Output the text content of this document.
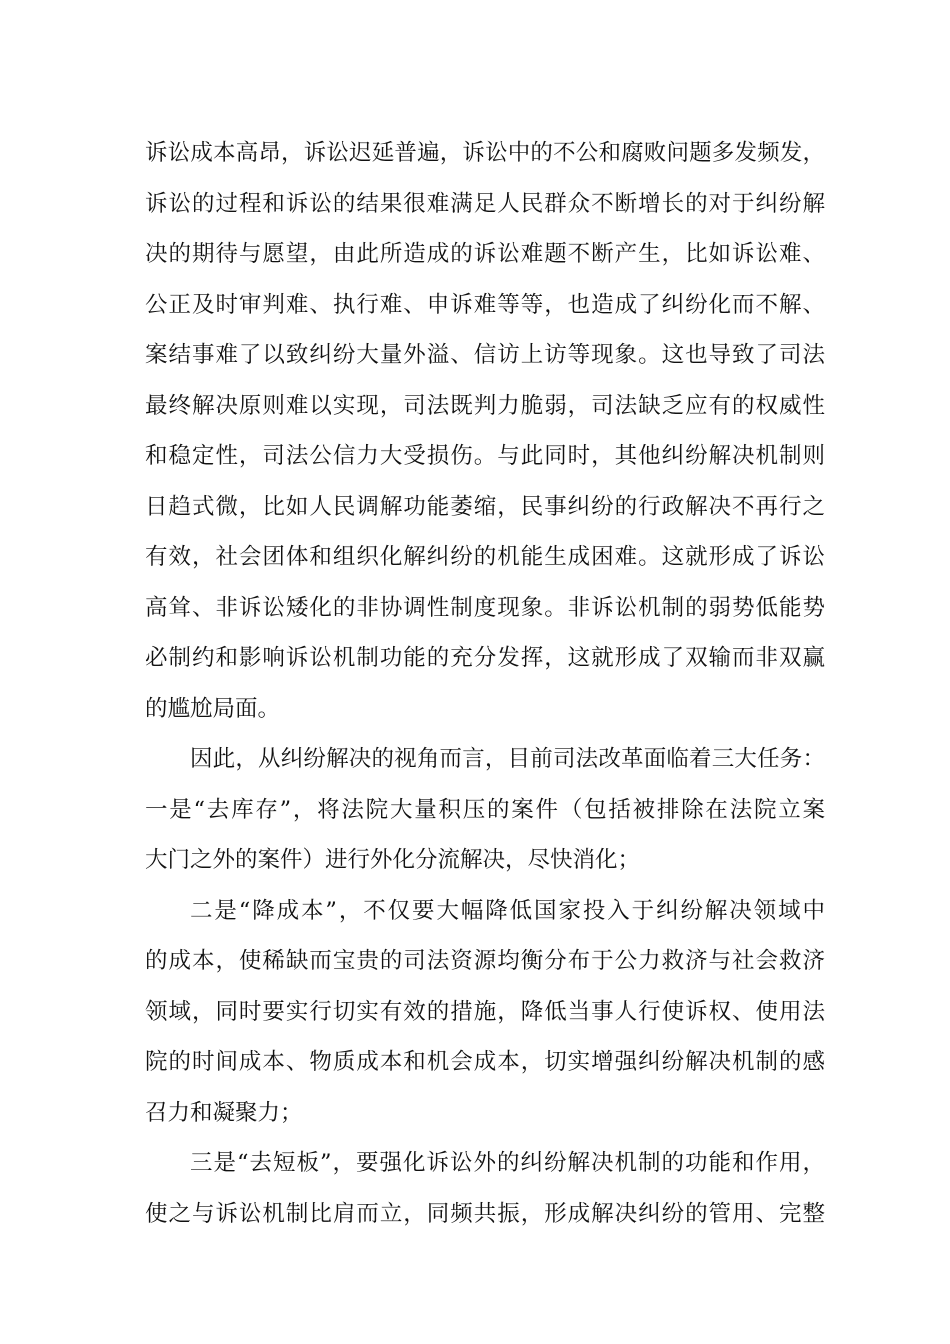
诉讼成本高昂，诉讼迟延普遍，诉讼中的不公和腐败问题多发频发，
诉讼的过程和诉讼的结果很难满足人民群众不断增长的对于纠纷解
决的期待与愿望，由此所造成的诉讼难题不断产生，比如诉讼难、
公正及时审判难、执行难、申诉难等等，也造成了纠纷化而不解、
案结事难了以致纠纷大量外溢、信访上访等现象。这也导致了司法
最终解决原则难以实现，司法既判力脆弱，司法缺乏应有的权威性
和稳定性，司法公信力大受损伤。与此同时，其他纠纷解决机制则
日趋式微，比如人民调解功能萎缩，民事纠纷的行政解决不再行之
有效，社会团体和组织化解纠纷的机能生成困难。这就形成了诉讼
高耸、非诉讼矮化的非协调性制度现象。非诉讼机制的弱势低能势
必制约和影响诉讼机制功能的充分发挥，这就形成了双输而非双赢
的尴尬局面。
因此，从纠纷解决的视角而言，目前司法改革面临着三大任务：
一是“去库存”，将法院大量积压的案件（包括被排除在法院立案
大门之外的案件）进行外化分流解决，尽快消化；
二是“降成本”，不仅要大幅降低国家投入于纠纷解决领域中
的成本，使稀缺而宝贵的司法资源均衡分布于公力救济与社会救济
领域，同时要实行切实有效的措施，降低当事人行使诉权、使用法
院的时间成本、物质成本和机会成本，切实增强纠纷解决机制的感
召力和凝聚力；
三是“去短板”，要强化诉讼外的纠纷解决机制的功能和作用，
使之与诉讼机制比肩而立，同频共振，形成解决纠纷的管用、完整
